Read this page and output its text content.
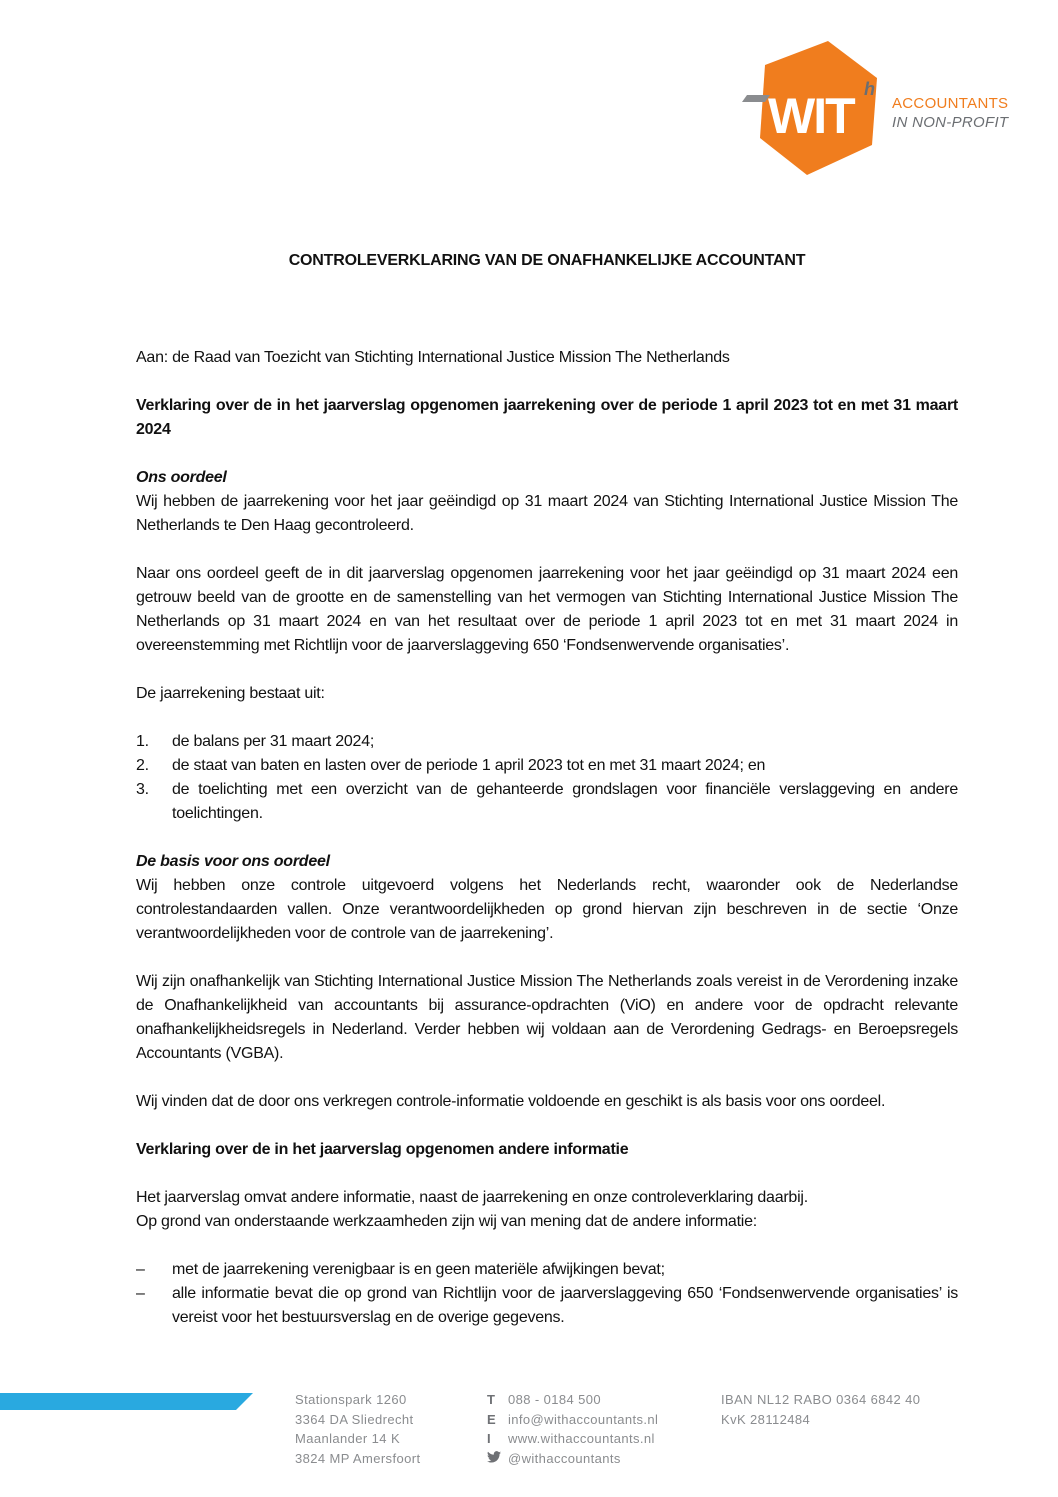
WIT h
ACCOUNTANTS
IN NON-PROFIT
CONTROLEVERKLARING VAN DE ONAFHANKELIJKE ACCOUNTANT

Aan: de Raad van Toezicht van Stichting International Justice Mission The Netherlands

Verklaring over de in het jaarverslag opgenomen jaarrekening over de periode 1 april 2023 tot en met 31 maart 2024

Ons oordeel

Wij hebben de jaarrekening voor het jaar geëindigd op 31 maart 2024 van Stichting International Justice Mission The Netherlands te Den Haag gecontroleerd.

Naar ons oordeel geeft de in dit jaarverslag opgenomen jaarrekening voor het jaar geëindigd op 31 maart 2024 een getrouw beeld van de grootte en de samenstelling van het vermogen van Stichting International Justice Mission The Netherlands op 31 maart 2024 en van het resultaat over de periode 1 april 2023 tot en met 31 maart 2024 in overeenstemming met Richtlijn voor de jaarverslaggeving 650 ‘Fondsenwervende organisaties’.

De jaarrekening bestaat uit:

1.	de balans per 31 maart 2024;
2.	de staat van baten en lasten over de periode 1 april 2023 tot en met 31 maart 2024; en
3.	de toelichting met een overzicht van de gehanteerde grondslagen voor financiële verslaggeving en andere toelichtingen.

De basis voor ons oordeel

Wij hebben onze controle uitgevoerd volgens het Nederlands recht, waaronder ook de Nederlandse controlestandaarden vallen. Onze verantwoordelijkheden op grond hiervan zijn beschreven in de sectie ‘Onze verantwoordelijkheden voor de controle van de jaarrekening’.

Wij zijn onafhankelijk van Stichting International Justice Mission The Netherlands zoals vereist in de Verordening inzake de Onafhankelijkheid van accountants bij assurance-opdrachten (ViO) en andere voor de opdracht relevante onafhankelijkheidsregels in Nederland. Verder hebben wij voldaan aan de Verordening Gedrags- en Beroepsregels Accountants (VGBA).

Wij vinden dat de door ons verkregen controle-informatie voldoende en geschikt is als basis voor ons oordeel.

Verklaring over de in het jaarverslag opgenomen andere informatie

Het jaarverslag omvat andere informatie, naast de jaarrekening en onze controleverklaring daarbij.

Op grond van onderstaande werkzaamheden zijn wij van mening dat de andere informatie:

–	met de jaarrekening verenigbaar is en geen materiële afwijkingen bevat;
–	alle informatie bevat die op grond van Richtlijn voor de jaarverslaggeving 650 ‘Fondsenwervende organisaties’ is vereist voor het bestuursverslag en de overige gegevens.
Stationspark 1260
3364 DA Sliedrecht
Maanlander 14 K
3824 MP Amersfoort
T 088 - 0184 500
E info@withaccountants.nl
I	www.withaccountants.nl
@withaccountants
IBAN NL12 RABO 0364 6842 40
KvK 28112484
